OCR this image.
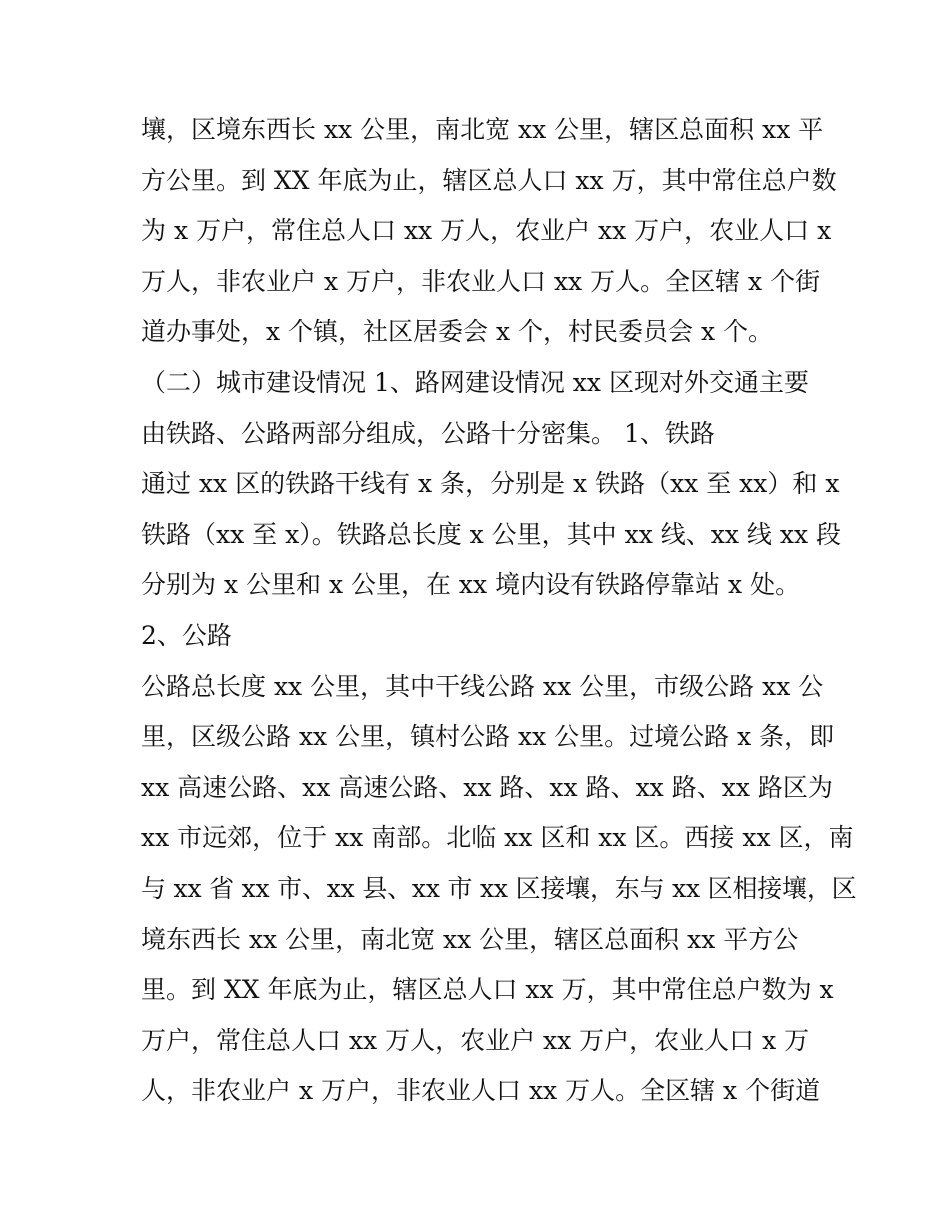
壤，区境东西长 xx 公里，南北宽 xx 公里，辖区总面积 xx 平
方公里。到 XX 年底为止，辖区总人口 xx 万，其中常住总户数
为 x 万户，常住总人口 xx 万人，农业户 xx 万户，农业人口 x
万人，非农业户 x 万户，非农业人口 xx 万人。全区辖 x 个街
道办事处，x 个镇，社区居委会 x 个，村民委员会 x 个。
（二）城市建设情况 1、路网建设情况 xx 区现对外交通主要
由铁路、公路两部分组成，公路十分密集。 1、铁路
通过 xx 区的铁路干线有 x 条，分别是 x 铁路（xx 至 xx）和 x
铁路（xx 至 x）。铁路总长度 x 公里，其中 xx 线、xx 线 xx 段
分别为 x 公里和 x 公里，在 xx 境内设有铁路停靠站 x 处。
2、公路
公路总长度 xx 公里，其中干线公路 xx 公里，市级公路 xx 公
里，区级公路 xx 公里，镇村公路 xx 公里。过境公路 x 条，即
xx 高速公路、xx 高速公路、xx 路、xx 路、xx 路、xx 路区为
xx 市远郊，位于 xx 南部。北临 xx 区和 xx 区。西接 xx 区，南
与 xx 省 xx 市、xx 县、xx 市 xx 区接壤，东与 xx 区相接壤，区
境东西长 xx 公里，南北宽 xx 公里，辖区总面积 xx 平方公
里。到 XX 年底为止，辖区总人口 xx 万，其中常住总户数为 x
万户，常住总人口 xx 万人，农业户 xx 万户，农业人口 x 万
人，非农业户 x 万户，非农业人口 xx 万人。全区辖 x 个街道
